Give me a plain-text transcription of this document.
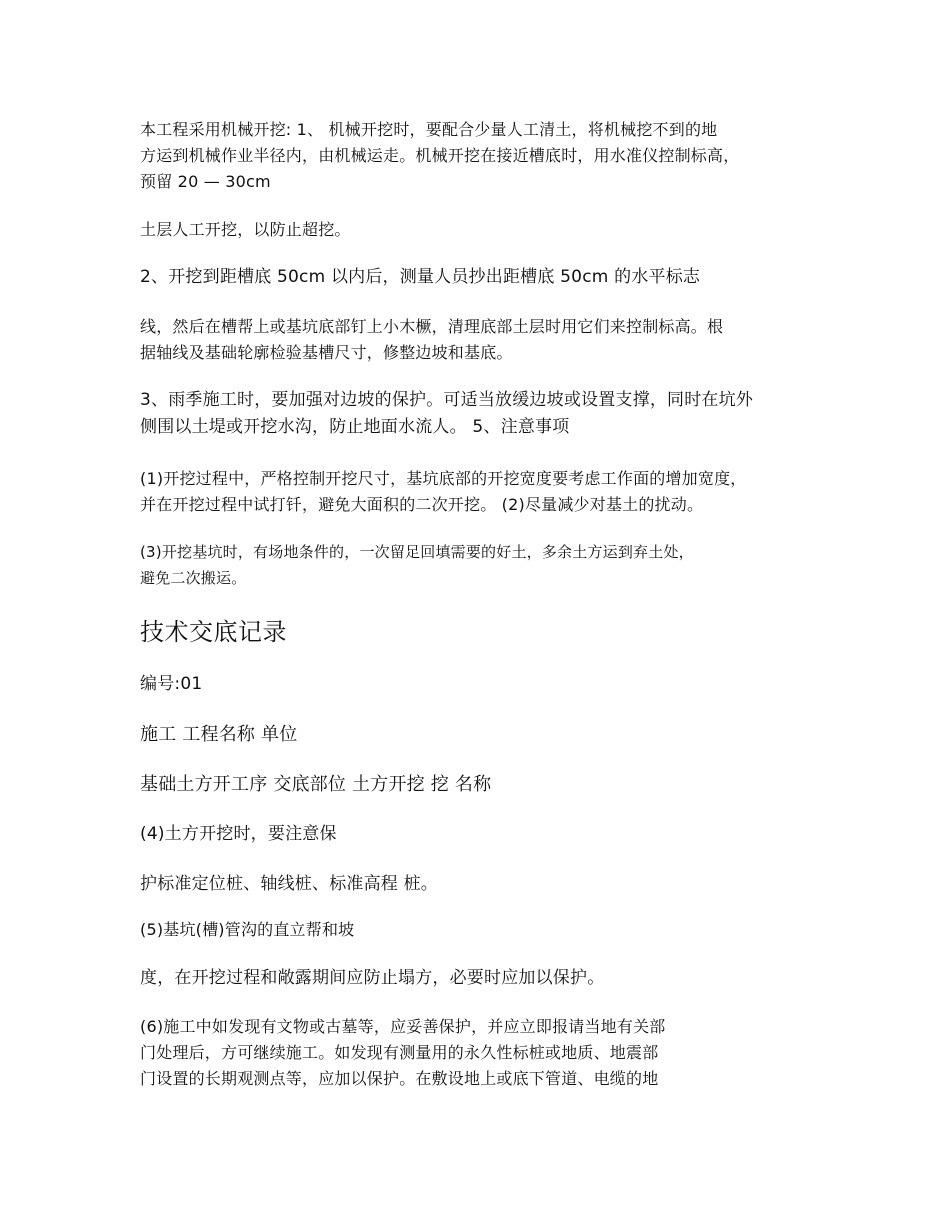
本工程采用机械开挖: 1、 机械开挖时，要配合少量人工清土，将机械挖不到的地
方运到机械作业半径内，由机械运走。机械开挖在接近槽底时，用水准仪控制标高，
预留 20 — 30cm

土层人工开挖，以防止超挖。

2、开挖到距槽底 50cm 以内后，测量人员抄出距槽底 50cm 的水平标志

线，然后在槽帮上或基坑底部钉上小木橛，清理底部土层时用它们来控制标高。根
据轴线及基础轮廓检验基槽尺寸，修整边坡和基底。

3、雨季施工时，要加强对边坡的保护。可适当放缓边坡或设置支撑，同时在坑外
侧围以土堤或开挖水沟，防止地面水流人。 5、注意事项

(1)开挖过程中，严格控制开挖尺寸，基坑底部的开挖宽度要考虑工作面的增加宽度，
并在开挖过程中试打钎，避免大面积的二次开挖。 (2)尽量减少对基土的扰动。

(3)开挖基坑时，有场地条件的，一次留足回填需要的好土，多余土方运到弃土处，
避免二次搬运。

技术交底记录

编号:01

施工 工程名称 单位

基础土方开工序 交底部位 土方开挖 挖 名称

(4)土方开挖时，要注意保

护标准定位桩、轴线桩、标准高程 桩。

(5)基坑(槽)管沟的直立帮和坡

度，在开挖过程和敞露期间应防止塌方，必要时应加以保护。

(6)施工中如发现有文物或古墓等，应妥善保护，并应立即报请当地有关部
门处理后，方可继续施工。如发现有测量用的永久性标桩或地质、地震部
门设置的长期观测点等，应加以保护。在敷设地上或底下管道、电缆的地
